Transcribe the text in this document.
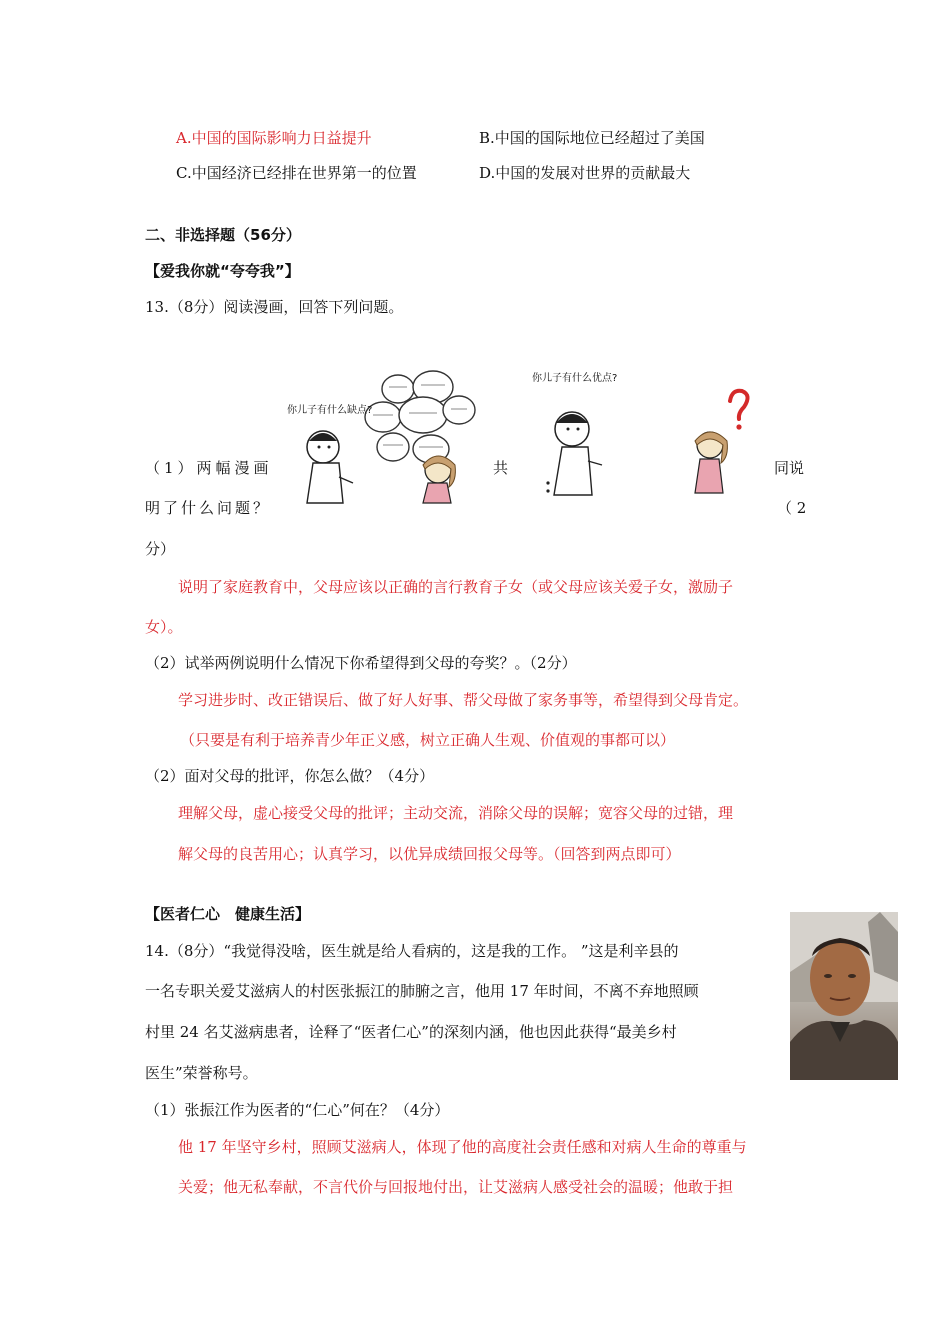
A.中国的国际影响力日益提升	B.中国的国际地位已经超过了美国
C.中国经济已经排在世界第一的位置	D.中国的发展对世界的贡献最大
二、非选择题（56分）
【爱我你就“夸夸我”】
13.（8分）阅读漫画，回答下列问题。
你儿子有什么缺点?
你儿子有什么优点?
（1）两幅漫画	共	同说
明了什么问题？	（ 2
分）
说明了家庭教育中，父母应该以正确的言行教育子女（或父母应该关爱子女，激励子
女）。
（2）试举两例说明什么情况下你希望得到父母的夸奖？。（2分）
学习进步时、改正错误后、做了好人好事、帮父母做了家务事等，希望得到父母肯定。
（只要是有利于培养青少年正义感，树立正确人生观、价值观的事都可以）
（2）面对父母的批评，你怎么做？（4分）
理解父母，虚心接受父母的批评；主动交流，消除父母的误解；宽容父母的过错，理
解父母的良苦用心；认真学习，以优异成绩回报父母等。（回答到两点即可）
【医者仁心　健康生活】
14.（8分）“我觉得没啥，医生就是给人看病的，这是我的工作。 ”这是利辛县的
一名专职关爱艾滋病人的村医张振江的肺腑之言，他用 17 年时间，不离不弃地照顾
村里 24 名艾滋病患者，诠释了“医者仁心”的深刻内涵，他也因此获得“最美乡村
医生”荣誉称号。
（1）张振江作为医者的“仁心”何在？（4分）
他 17 年坚守乡村，照顾艾滋病人，体现了他的高度社会责任感和对病人生命的尊重与
关爱；他无私奉献，不言代价与回报地付出，让艾滋病人感受社会的温暖；他敢于担
